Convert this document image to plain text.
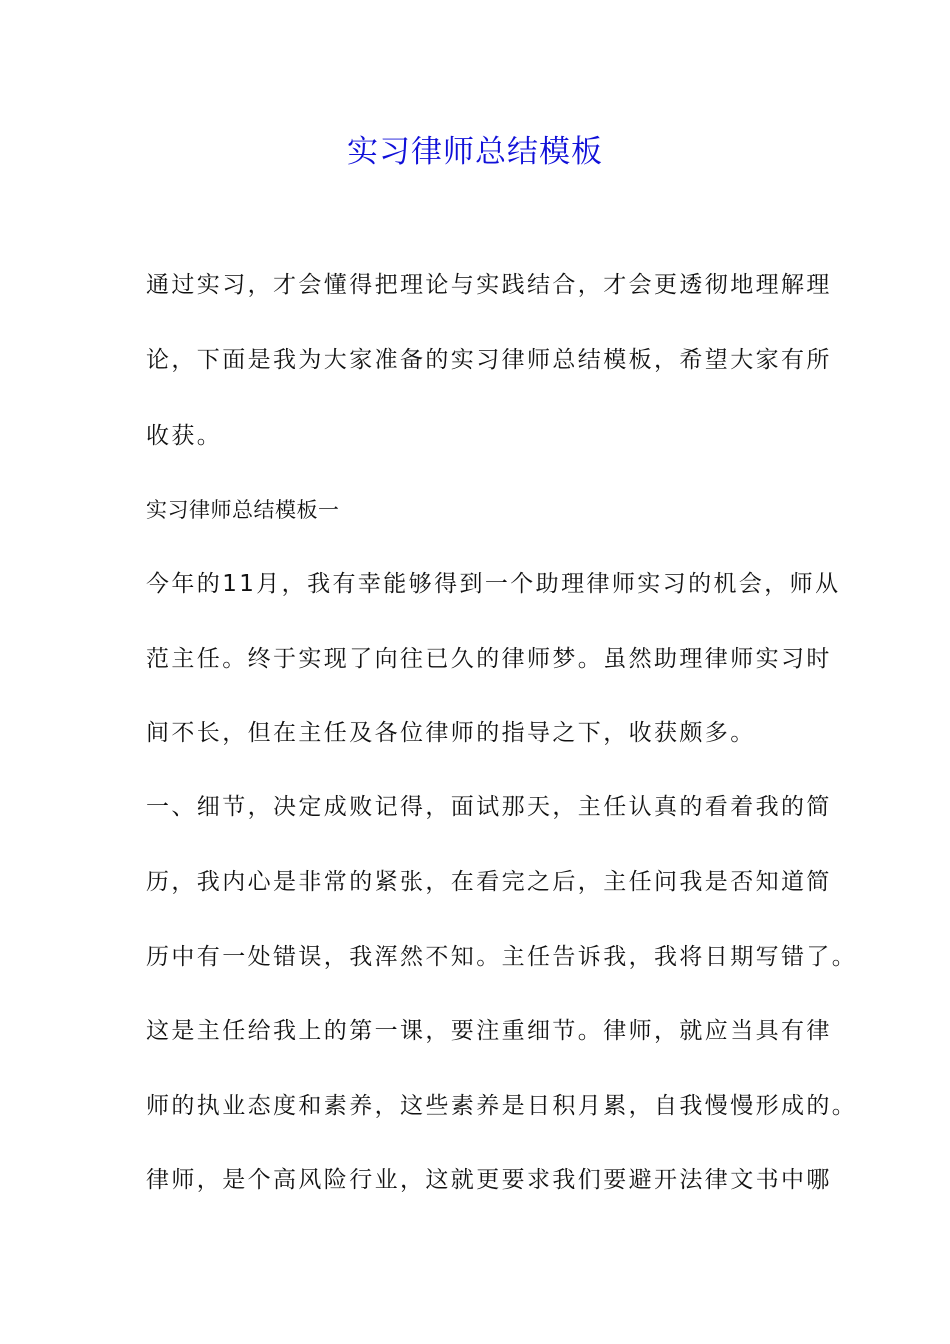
实习律师总结模板
通过实习，才会懂得把理论与实践结合，才会更透彻地理解理
论，下面是我为大家准备的实习律师总结模板，希望大家有所
收获。
实习律师总结模板一
今年的11月，我有幸能够得到一个助理律师实习的机会，师从
范主任。终于实现了向往已久的律师梦。虽然助理律师实习时
间不长，但在主任及各位律师的指导之下，收获颇多。
一、细节，决定成败记得，面试那天，主任认真的看着我的简
历，我内心是非常的紧张，在看完之后，主任问我是否知道简
历中有一处错误，我浑然不知。主任告诉我，我将日期写错了。
这是主任给我上的第一课，要注重细节。律师，就应当具有律
师的执业态度和素养，这些素养是日积月累，自我慢慢形成的。
律师，是个高风险行业，这就更要求我们要避开法律文书中哪
